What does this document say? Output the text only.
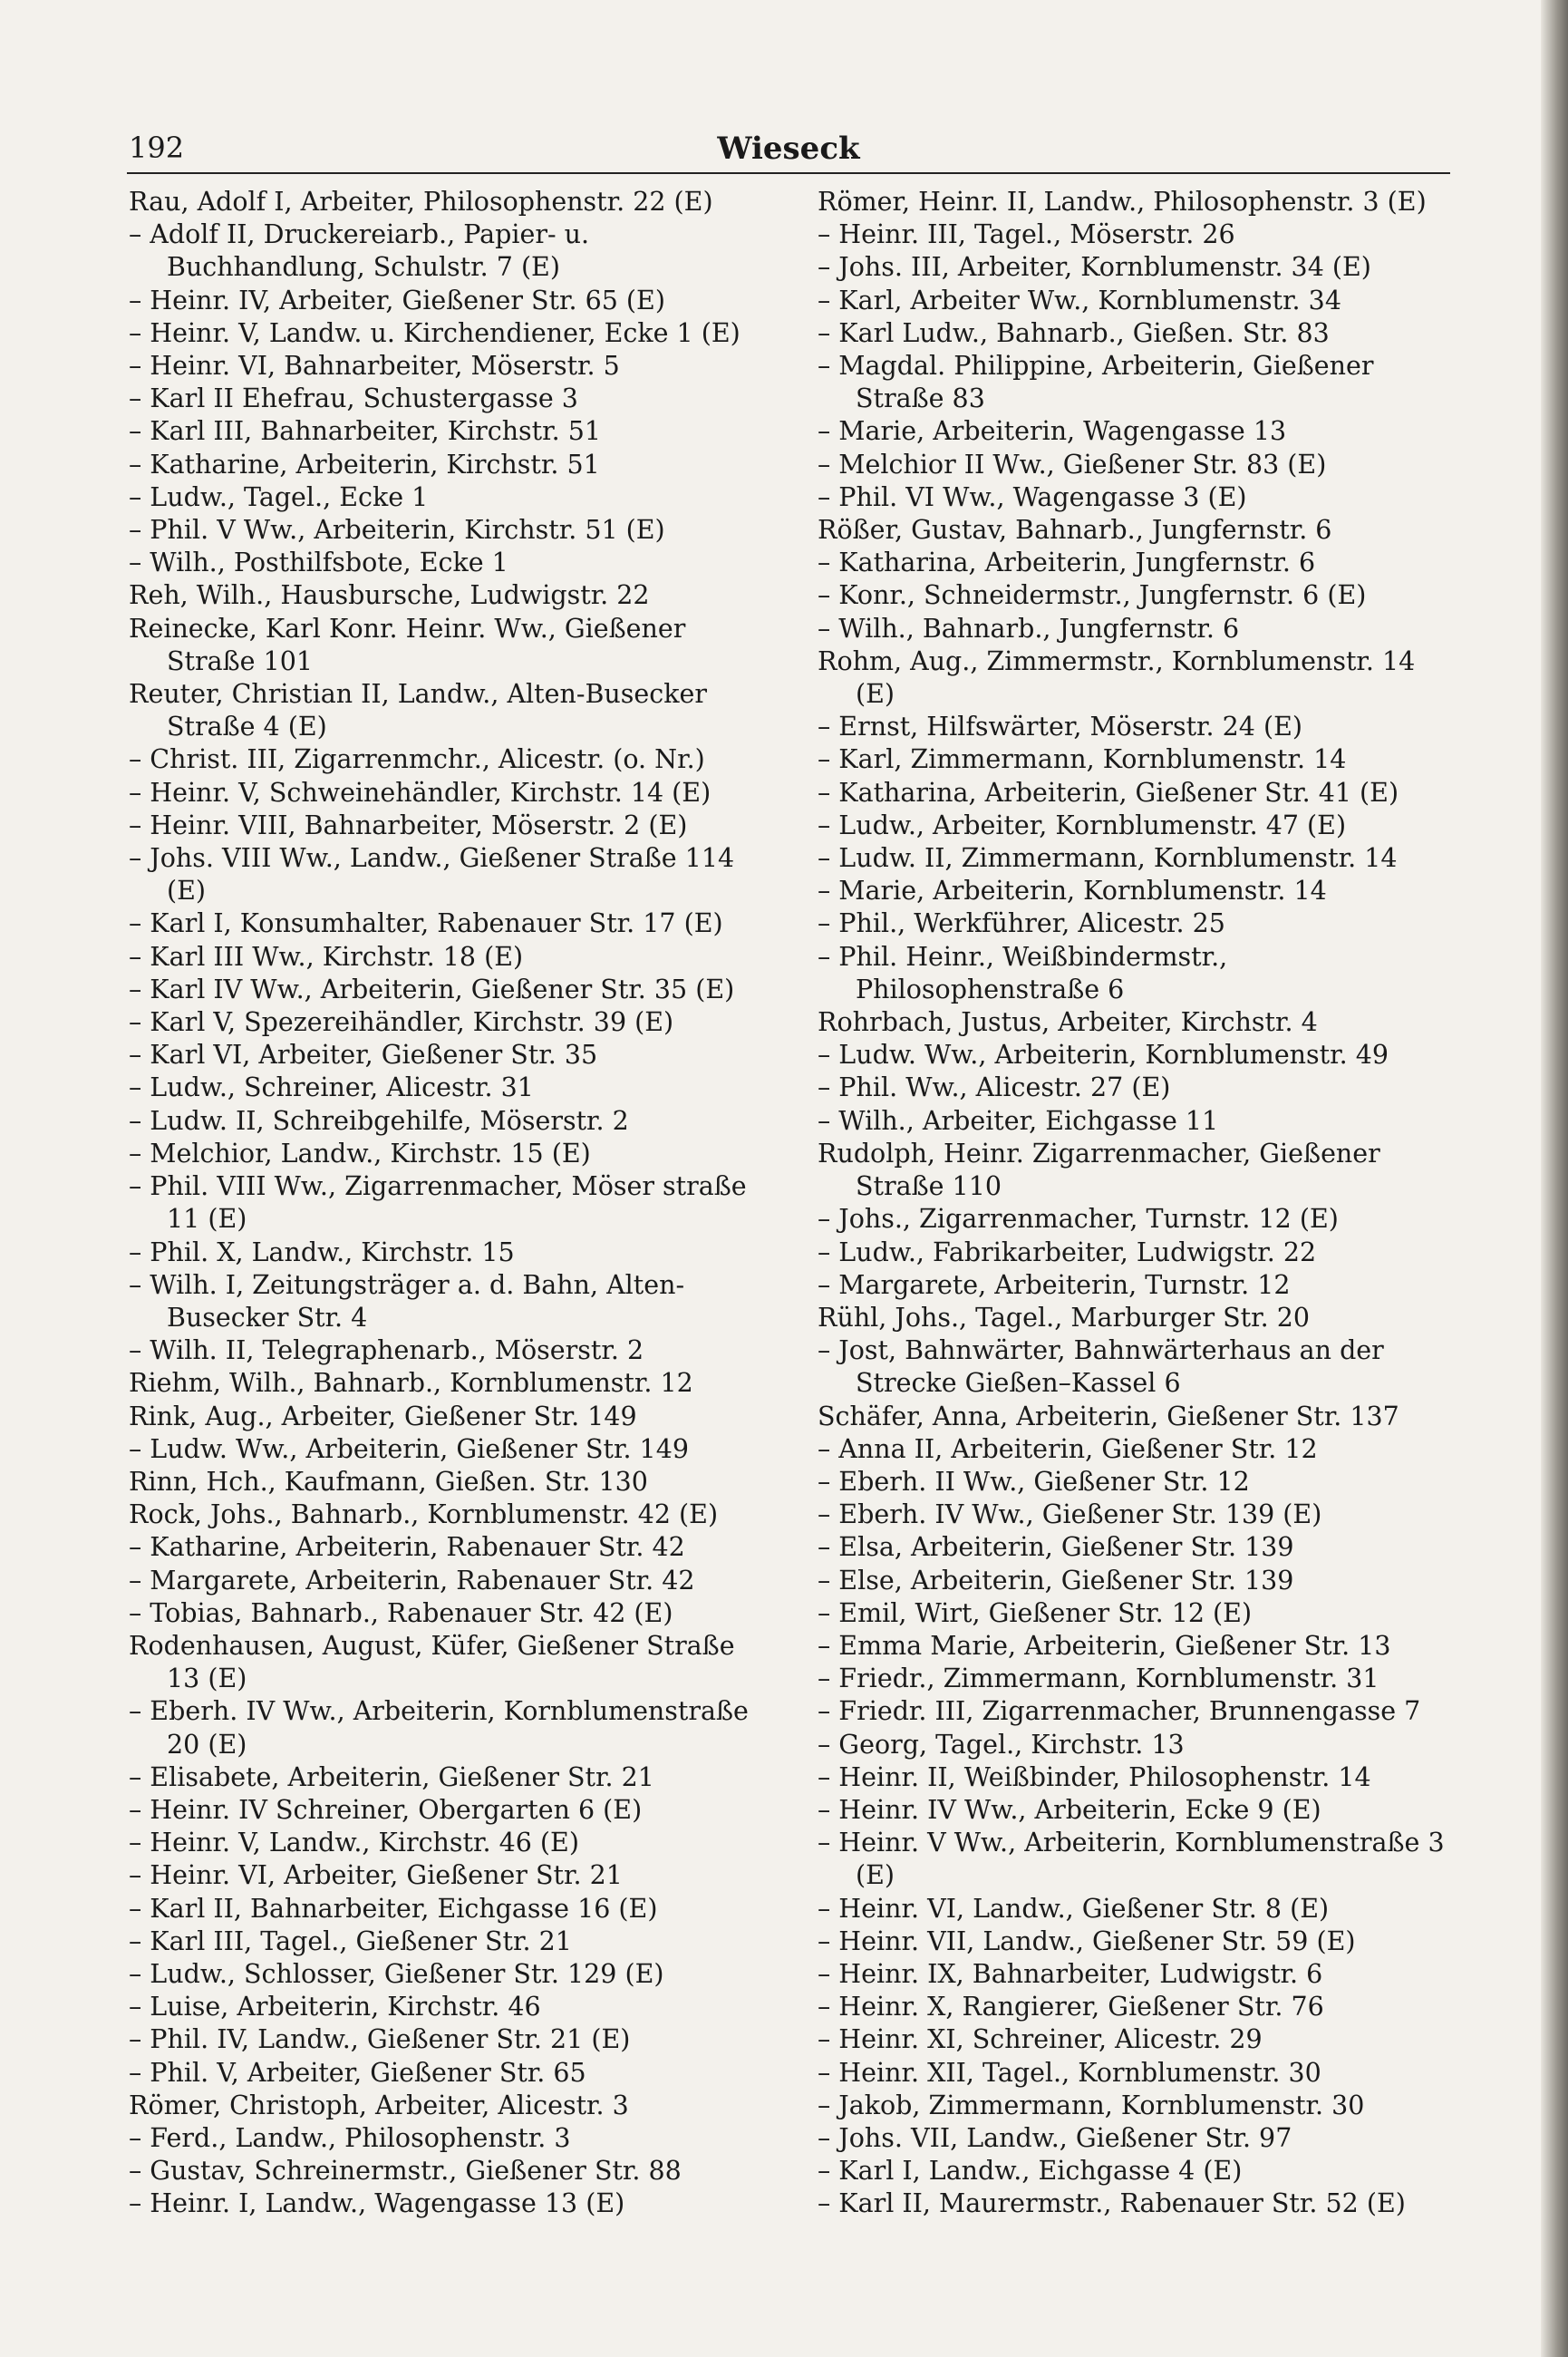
192	Wieseck
Rau, Adolf I, Arbeiter, Philosophenstr. 22 (E)
– Adolf II, Druckereiarb., Papier- u. Buchhandlung, Schulstr. 7 (E)
– Heinr. IV, Arbeiter, Gießener Str. 65 (E)
– Heinr. V, Landw. u. Kirchendiener, Ecke 1 (E)
– Heinr. VI, Bahnarbeiter, Möserstr. 5
– Karl II Ehefrau, Schustergasse 3
– Karl III, Bahnarbeiter, Kirchstr. 51
– Katharine, Arbeiterin, Kirchstr. 51
– Ludw., Tagel., Ecke 1
– Phil. V Ww., Arbeiterin, Kirchstr. 51 (E)
– Wilh., Posthilfsbote, Ecke 1
Reh, Wilh., Hausbursche, Ludwigstr. 22
Reinecke, Karl Konr. Heinr. Ww., Gießener Straße 101
Reuter, Christian II, Landw., Alten-Busecker Straße 4 (E)
– Christ. III, Zigarrenmchr., Alicestr. (o. Nr.)
– Heinr. V, Schweinehändler, Kirchstr. 14 (E)
– Heinr. VIII, Bahnarbeiter, Möserstr. 2 (E)
– Johs. VIII Ww., Landw., Gießener Straße 114 (E)
– Karl I, Konsumhalter, Rabenauer Str. 17 (E)
– Karl III Ww., Kirchstr. 18 (E)
– Karl IV Ww., Arbeiterin, Gießener Str. 35 (E)
– Karl V, Spezereihändler, Kirchstr. 39 (E)
– Karl VI, Arbeiter, Gießener Str. 35
– Ludw., Schreiner, Alicestr. 31
– Ludw. II, Schreibgehilfe, Möserstr. 2
– Melchior, Landw., Kirchstr. 15 (E)
– Phil. VIII Ww., Zigarrenmacher, Möser straße 11 (E)
– Phil. X, Landw., Kirchstr. 15
– Wilh. I, Zeitungsträger a. d. Bahn, Alten-Busecker Str. 4
– Wilh. II, Telegraphenarb., Möserstr. 2
Riehm, Wilh., Bahnarb., Kornblumenstr. 12
Rink, Aug., Arbeiter, Gießener Str. 149
– Ludw. Ww., Arbeiterin, Gießener Str. 149
Rinn, Hch., Kaufmann, Gießen. Str. 130
Rock, Johs., Bahnarb., Kornblumenstr. 42 (E)
– Katharine, Arbeiterin, Rabenauer Str. 42
– Margarete, Arbeiterin, Rabenauer Str. 42
– Tobias, Bahnarb., Rabenauer Str. 42 (E)
Rodenhausen, August, Küfer, Gießener Straße 13 (E)
– Eberh. IV Ww., Arbeiterin, Kornblumenstraße 20 (E)
– Elisabete, Arbeiterin, Gießener Str. 21
– Heinr. IV Schreiner, Obergarten 6 (E)
– Heinr. V, Landw., Kirchstr. 46 (E)
– Heinr. VI, Arbeiter, Gießener Str. 21
– Karl II, Bahnarbeiter, Eichgasse 16 (E)
– Karl III, Tagel., Gießener Str. 21
– Ludw., Schlosser, Gießener Str. 129 (E)
– Luise, Arbeiterin, Kirchstr. 46
– Phil. IV, Landw., Gießener Str. 21 (E)
– Phil. V, Arbeiter, Gießener Str. 65
Römer, Christoph, Arbeiter, Alicestr. 3
– Ferd., Landw., Philosophenstr. 3
– Gustav, Schreinermstr., Gießener Str. 88
– Heinr. I, Landw., Wagengasse 13 (E)
Römer, Heinr. II, Landw., Philosophenstr. 3 (E)
– Heinr. III, Tagel., Möserstr. 26
– Johs. III, Arbeiter, Kornblumenstr. 34 (E)
– Karl, Arbeiter Ww., Kornblumenstr. 34
– Karl Ludw., Bahnarb., Gießen. Str. 83
– Magdal. Philippine, Arbeiterin, Gießener Straße 83
– Marie, Arbeiterin, Wagengasse 13
– Melchior II Ww., Gießener Str. 83 (E)
– Phil. VI Ww., Wagengasse 3 (E)
Rößer, Gustav, Bahnarb., Jungfernstr. 6
– Katharina, Arbeiterin, Jungfernstr. 6
– Konr., Schneidermstr., Jungfernstr. 6 (E)
– Wilh., Bahnarb., Jungfernstr. 6
Rohm, Aug., Zimmermstr., Kornblumenstr. 14 (E)
– Ernst, Hilfswärter, Möserstr. 24 (E)
– Karl, Zimmermann, Kornblumenstr. 14
– Katharina, Arbeiterin, Gießener Str. 41 (E)
– Ludw., Arbeiter, Kornblumenstr. 47 (E)
– Ludw. II, Zimmermann, Kornblumenstr. 14
– Marie, Arbeiterin, Kornblumenstr. 14
– Phil., Werkführer, Alicestr. 25
– Phil. Heinr., Weißbindermstr., Philosophenstraße 6
Rohrbach, Justus, Arbeiter, Kirchstr. 4
– Ludw. Ww., Arbeiterin, Kornblumenstr. 49
– Phil. Ww., Alicestr. 27 (E)
– Wilh., Arbeiter, Eichgasse 11
Rudolph, Heinr. Zigarrenmacher, Gießener Straße 110
– Johs., Zigarrenmacher, Turnstr. 12 (E)
– Ludw., Fabrikarbeiter, Ludwigstr. 22
– Margarete, Arbeiterin, Turnstr. 12
Rühl, Johs., Tagel., Marburger Str. 20
– Jost, Bahnwärter, Bahnwärterhaus an der Strecke Gießen–Kassel 6
Schäfer, Anna, Arbeiterin, Gießener Str. 137
– Anna II, Arbeiterin, Gießener Str. 12
– Eberh. II Ww., Gießener Str. 12
– Eberh. IV Ww., Gießener Str. 139 (E)
– Elsa, Arbeiterin, Gießener Str. 139
– Else, Arbeiterin, Gießener Str. 139
– Emil, Wirt, Gießener Str. 12 (E)
– Emma Marie, Arbeiterin, Gießener Str. 13
– Friedr., Zimmermann, Kornblumenstr. 31
– Friedr. III, Zigarrenmacher, Brunnengasse 7
– Georg, Tagel., Kirchstr. 13
– Heinr. II, Weißbinder, Philosophenstr. 14
– Heinr. IV Ww., Arbeiterin, Ecke 9 (E)
– Heinr. V Ww., Arbeiterin, Kornblumenstraße 3 (E)
– Heinr. VI, Landw., Gießener Str. 8 (E)
– Heinr. VII, Landw., Gießener Str. 59 (E)
– Heinr. IX, Bahnarbeiter, Ludwigstr. 6
– Heinr. X, Rangierer, Gießener Str. 76
– Heinr. XI, Schreiner, Alicestr. 29
– Heinr. XII, Tagel., Kornblumenstr. 30
– Jakob, Zimmermann, Kornblumenstr. 30
– Johs. VII, Landw., Gießener Str. 97
– Karl I, Landw., Eichgasse 4 (E)
– Karl II, Maurermstr., Rabenauer Str. 52 (E)
